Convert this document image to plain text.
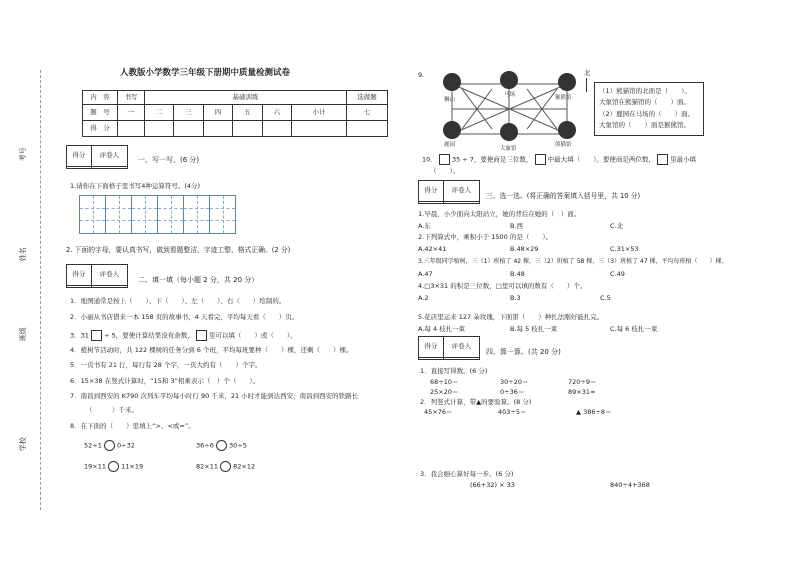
考号
姓名
班级
学校
人教版小学数学三年级下册期中质量检测试卷
内　容	书写	基础训练						选做题
题　号	一	二	三	四	五	六	小计	七
得　分								
得分	评卷人

一、写一写。(6 分)
1.请你在下面格子里书写4种运算符号。(4分)
2. 下面的字母，要认真书写，做到看题整洁、字迹工整、格式正确。(2 分)
得分	评卷人

二、填一填（每小题 2 分，共 20 分）
1．地图通常是按上（　　）、下（　　）、左（　　）、右（　　）绘制的。
2．小丽从书店借来一本 158 页的故事书，4 天看完，平均每天看（　　）页。
3．31 ÷ 5，要使计算结果没有余数， 里可以填（　　）或（　　）。
4．植树节活动时，共 122 棵树的任务分到 6 个班，平均每班要种（　　）棵，还剩（　　）棵。
5．一页书有 21 行，每行有 28 个字，一页大约有（　　）个字。
6．15×38 在竖式计算时，“15和 3”相乘表示（　）个（　　）。
7．南昌到西安的 K790 次列车平均每小时行 90 千米，21 小时才能到达西安，南昌到西安的铁路长
（　　　）千米。
8．在下面的（　　）里填上“>、<或=”。
52÷1 0÷32	36÷6 30÷5
19×11 11×19	82×11 82×12
9.
狮山
马场	猴熊馆
鹿园
大象馆
熊猫馆
北
（1）熊猫馆的北面是（　　）。
大象馆在熊猫馆的（　　）面。
（2）鹿园在马场的（　　）面。
大象馆的（　　）面是猴熊馆。
10． 35 ÷ 7，要使商是三位数， 中最大填（　　）。要使商是两位数， 里最小填
（　　）。
得分	评卷人

三、选一选。(将正确的答案填入括号里，共 10 分)
1.早晨，小少面向太阳站立，她的背后在她的（　）面。
A.东	B.西	C.北
2.下列算式中，乘积小于 1500 的是（　　）。
A.42×41	B.48×29	C.31×53
3.三年级同学植树，三（1）班植了 42 棵，三（2）班植了 58 棵，三（3）班植了 47 棵，平均每班植（　　）棵。
A.47	B.48	C.49
4.□3×31 的积是三位数，□里可以填的数有（　　）个。
A.2	B.3	C.5
5.花店里运来 127 朵玫瑰，下面第（　　）种扎法刚好能扎完。
A.每 4 枝扎一束	B.每 5 枝扎一束	C.每 6 枝扎一束
得分	评卷人

四、算一算。(共 20 分)
1．直接写得数。(6 分)
68÷10＝	30÷20＝	720÷9＝
25×20＝	0÷36＝	89×31≈
2．列竖式计算，带▲的要验算。(8 分)
45×76＝	403÷5＝	▲ 386÷8＝
3．我会细心算好每一步。(6 分)
(66+32) × 33	840÷4+368
